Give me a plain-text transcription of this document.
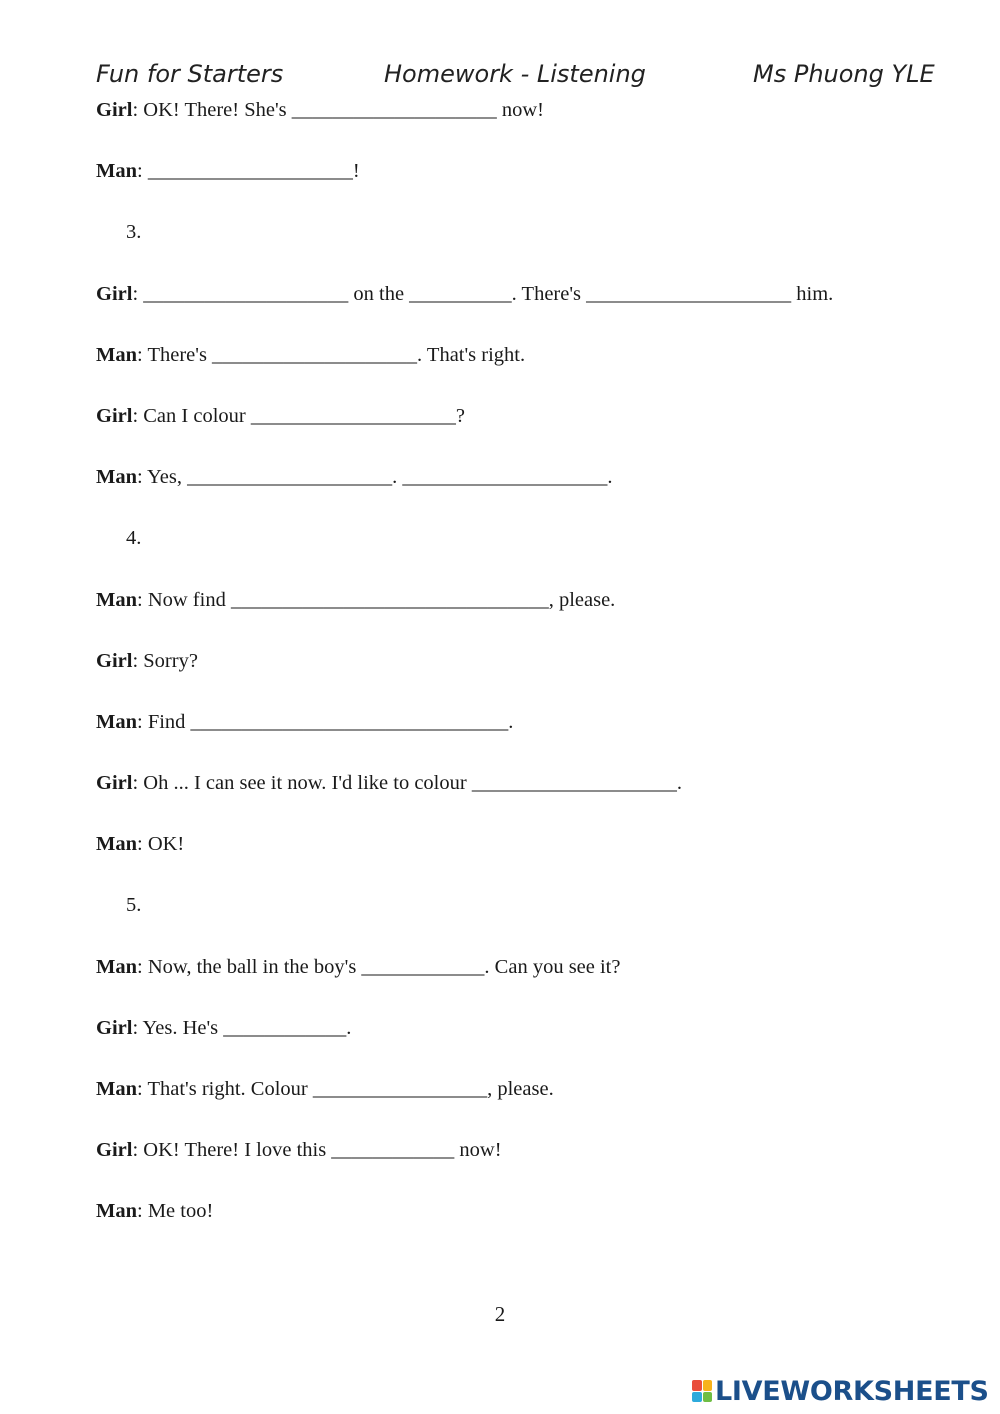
Fun for Starters	Homework - Listening	Ms Phuong YLE
Girl: OK! There! She's ____________________ now!
Man: ____________________!
3.
Girl: ____________________ on the __________. There's ____________________ him.
Man: There's ____________________. That's right.
Girl: Can I colour ____________________?
Man: Yes, ____________________. ____________________.
4.
Man: Now find _______________________________, please.
Girl: Sorry?
Man: Find _______________________________.
Girl: Oh ... I can see it now. I'd like to colour ____________________.
Man: OK!
5.
Man: Now, the ball in the boy's ____________. Can you see it?
Girl: Yes. He's ____________.
Man: That's right. Colour _________________, please.
Girl: OK! There! I love this ____________ now!
Man: Me too!
2
LIVEWORKSHEETS
